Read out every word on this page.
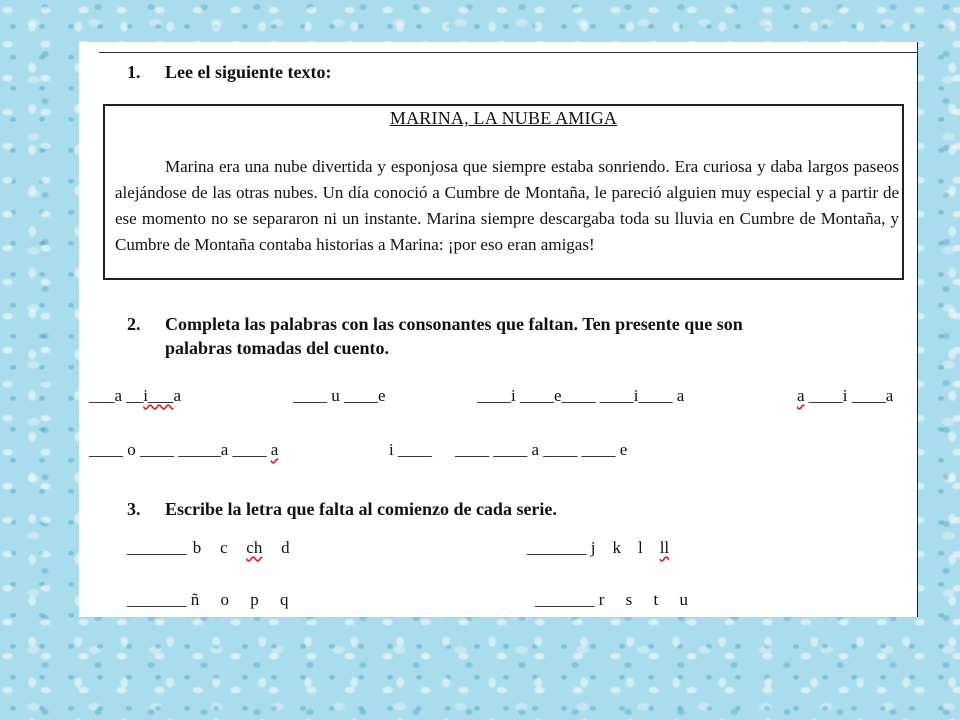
1. Lee el siguiente texto:
MARINA, LA NUBE AMIGA
Marina era una nube divertida y esponjosa que siempre estaba sonriendo. Era curiosa y daba largos paseos alejándose de las otras nubes. Un día conoció a Cumbre de Montaña, le pareció alguien muy especial y a partir de ese momento no se separaron ni un instante. Marina siempre descargaba toda su lluvia en Cumbre de Montaña, y Cumbre de Montaña contaba historias a Marina: ¡por eso eran amigas!
2. Completa las palabras con las consonantes que faltan. Ten presente que son
palabras tomadas del cuento.
___a __i___a	____ u ____e	____i ____e____ ____i____ a	a ____i ____a
____ o ____ _____a ____ a	i ____ ____ ____ a ____ ____ e
3. Escribe la letra que falta al comienzo de cada serie.
_______ b   c   ch   d	_______ j    k    l    ll
_______ ñ     o     p     q	_______ r     s     t     u
